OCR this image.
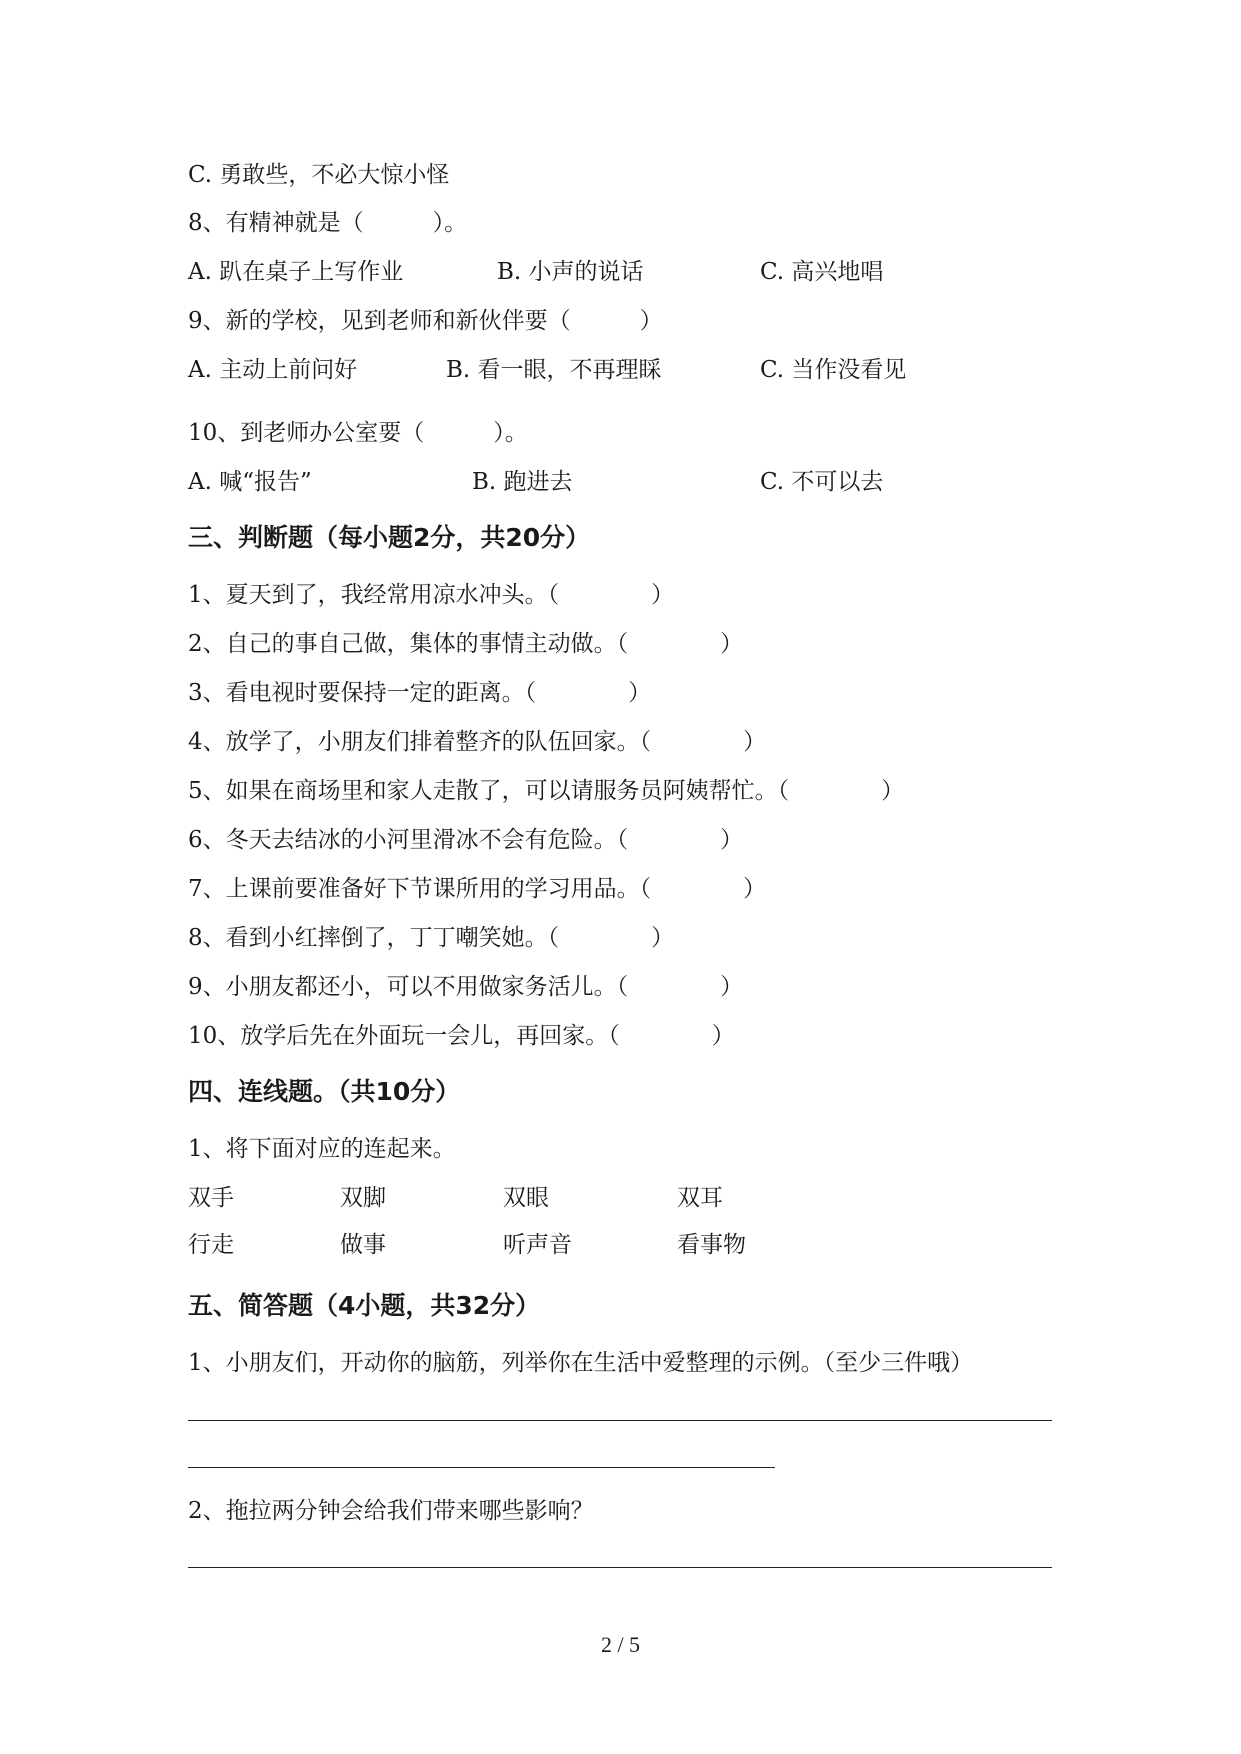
C. 勇敢些，不必大惊小怪
8、有精神就是（　　　）。
A. 趴在桌子上写作业	B. 小声的说话	C. 高兴地唱
9、新的学校，见到老师和新伙伴要（　　　）
A. 主动上前问好	B. 看一眼，不再理睬	C. 当作没看见
10、到老师办公室要（　　　）。
A. 喊“报告”	B. 跑进去	C. 不可以去
三、判断题（每小题2分，共20分）
1、夏天到了，我经常用凉水冲头。（　　　　）
2、自己的事自己做，集体的事情主动做。（　　　　）
3、看电视时要保持一定的距离。（　　　　）
4、放学了，小朋友们排着整齐的队伍回家。（　　　　）
5、如果在商场里和家人走散了，可以请服务员阿姨帮忙。（　　　　）
6、冬天去结冰的小河里滑冰不会有危险。（　　　　）
7、上课前要准备好下节课所用的学习用品。（　　　　）
8、看到小红摔倒了，丁丁嘲笑她。（　　　　）
9、小朋友都还小，可以不用做家务活儿。（　　　　）
10、放学后先在外面玩一会儿，再回家。（　　　　）
四、连线题。（共10分）
1、将下面对应的连起来。
双手	双脚	双眼	双耳
行走	做事	听声音	看事物
五、简答题（4小题，共32分）
1、小朋友们，开动你的脑筋，列举你在生活中爱整理的示例。（至少三件哦）
2、拖拉两分钟会给我们带来哪些影响？
2 / 5
